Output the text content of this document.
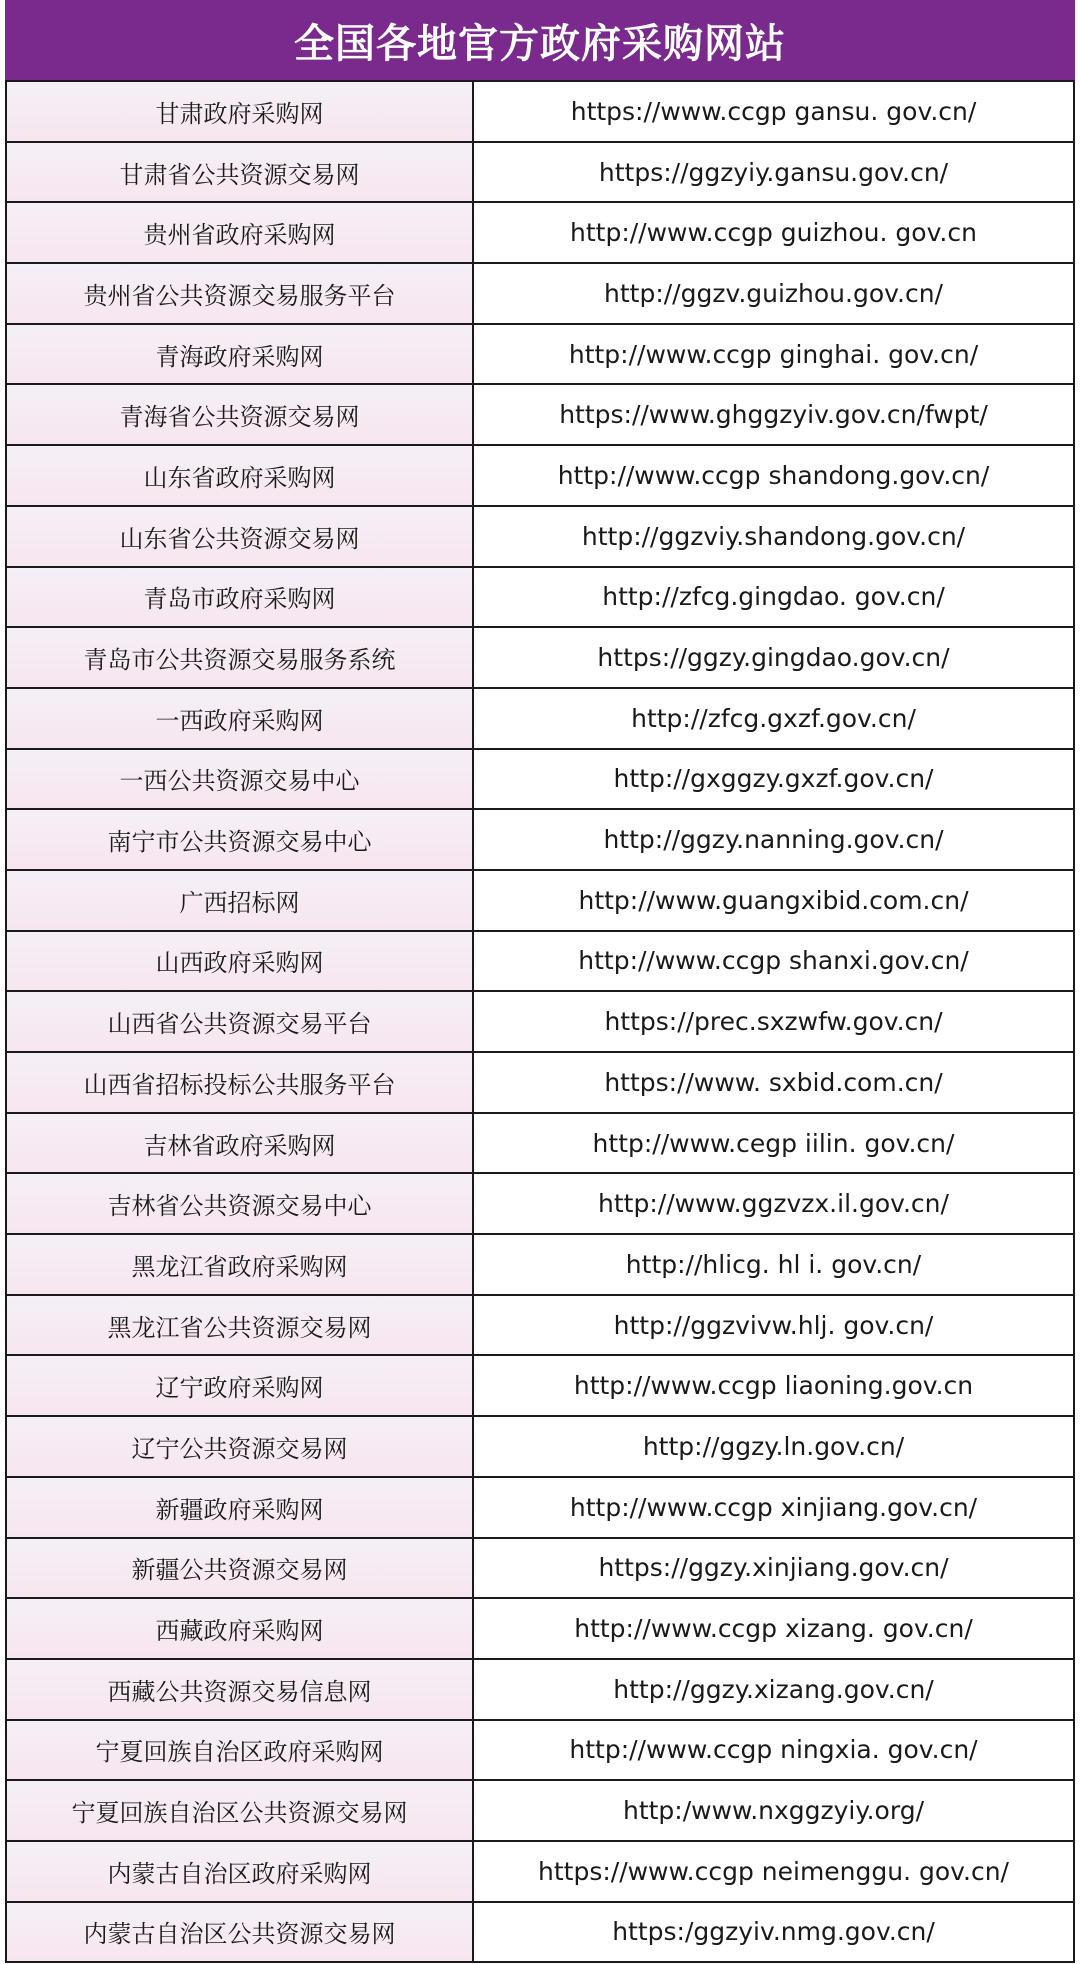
全国各地官方政府采购网站
甘肃政府采购网	https://www.ccgp gansu. gov.cn/
甘肃省公共资源交易网	https://ggzyiy.gansu.gov.cn/
贵州省政府采购网	http://www.ccgp guizhou. gov.cn
贵州省公共资源交易服务平台	http://ggzv.guizhou.gov.cn/
青海政府采购网	http://www.ccgp ginghai. gov.cn/
青海省公共资源交易网	https://www.ghggzyiv.gov.cn/fwpt/
山东省政府采购网	http://www.ccgp shandong.gov.cn/
山东省公共资源交易网	http://ggzviy.shandong.gov.cn/
青岛市政府采购网	http://zfcg.gingdao. gov.cn/
青岛市公共资源交易服务系统	https://ggzy.gingdao.gov.cn/
一西政府采购网	http://zfcg.gxzf.gov.cn/
一西公共资源交易中心	http://gxggzy.gxzf.gov.cn/
南宁市公共资源交易中心	http://ggzy.nanning.gov.cn/
广西招标网	http://www.guangxibid.com.cn/
山西政府采购网	http://www.ccgp shanxi.gov.cn/
山西省公共资源交易平台	https://prec.sxzwfw.gov.cn/
山西省招标投标公共服务平台	https://www. sxbid.com.cn/
吉林省政府采购网	http://www.cegp iilin. gov.cn/
吉林省公共资源交易中心	http://www.ggzvzx.il.gov.cn/
黑龙江省政府采购网	http://hlicg. hl i. gov.cn/
黑龙江省公共资源交易网	http://ggzvivw.hlj. gov.cn/
辽宁政府采购网	http://www.ccgp liaoning.gov.cn
辽宁公共资源交易网	http://ggzy.ln.gov.cn/
新疆政府采购网	http://www.ccgp xinjiang.gov.cn/
新疆公共资源交易网	https://ggzy.xinjiang.gov.cn/
西藏政府采购网	http://www.ccgp xizang. gov.cn/
西藏公共资源交易信息网	http://ggzy.xizang.gov.cn/
宁夏回族自治区政府采购网	http://www.ccgp ningxia. gov.cn/
宁夏回族自治区公共资源交易网	http:/www.nxggzyiy.org/
内蒙古自治区政府采购网	https://www.ccgp neimenggu. gov.cn/
内蒙古自治区公共资源交易网	https:/ggzyiv.nmg.gov.cn/
